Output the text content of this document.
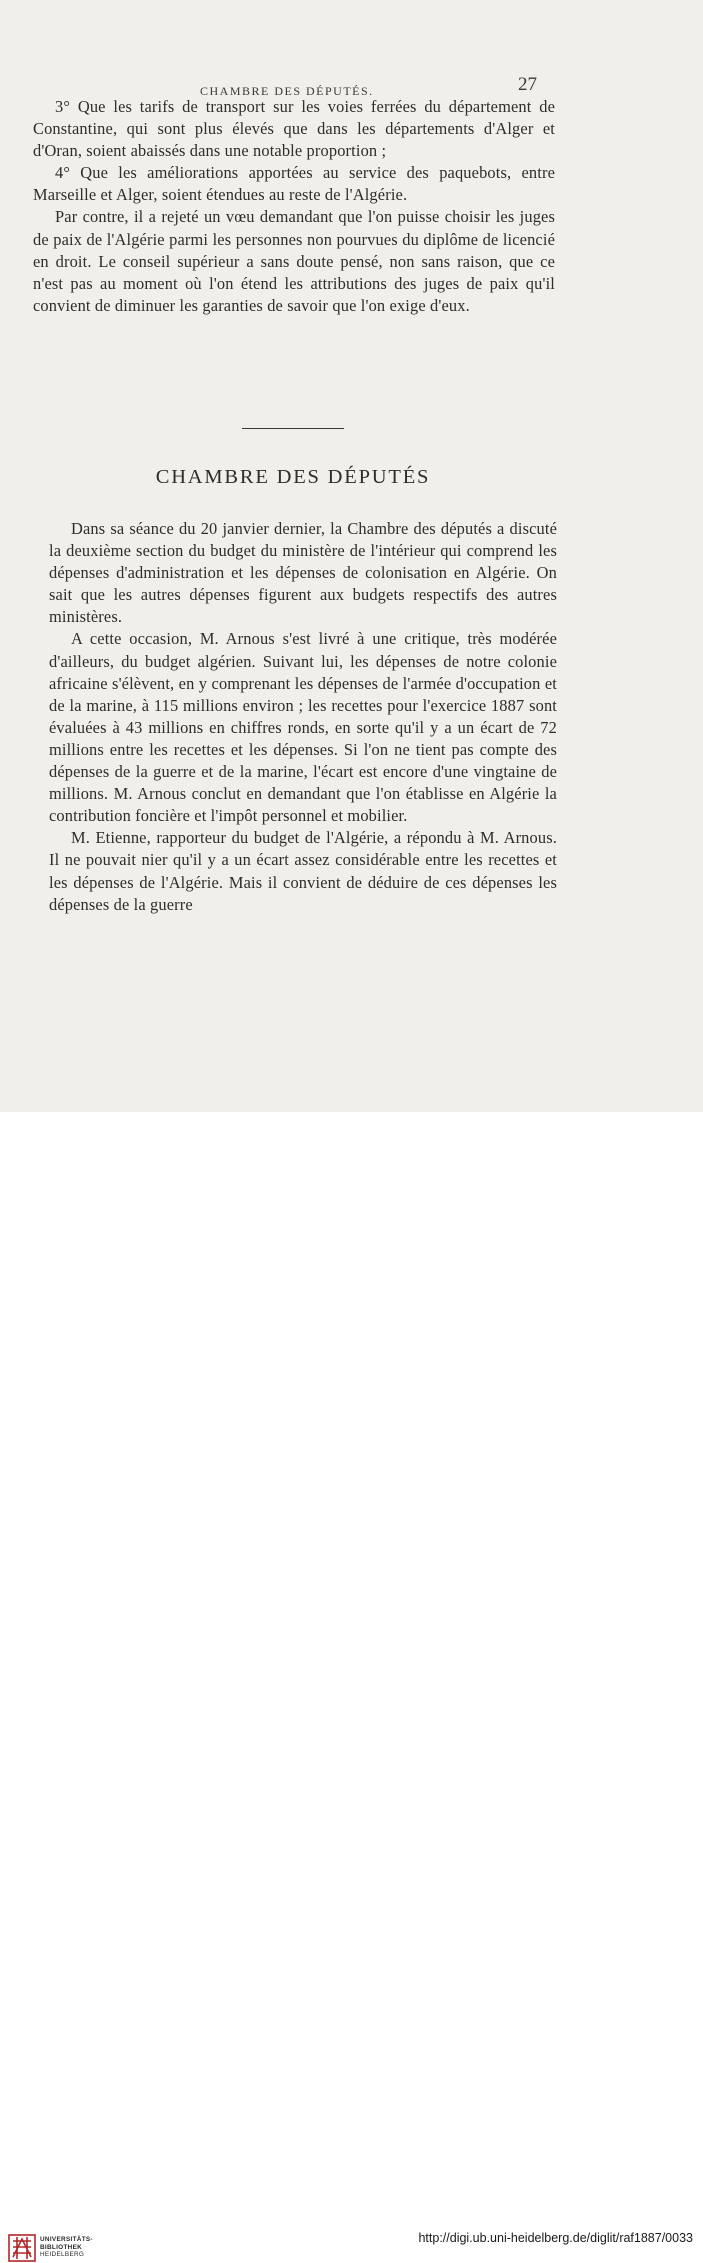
CHAMBRE DES DÉPUTÉS.	27

3° Que les tarifs de transport sur les voies ferrées du département de Constantine, qui sont plus élevés que dans les départements d'Alger et d'Oran, soient abaissés dans une notable proportion ;

4° Que les améliorations apportées au service des paquebots, entre Marseille et Alger, soient étendues au reste de l'Algérie.

Par contre, il a rejeté un vœu demandant que l'on puisse choisir les juges de paix de l'Algérie parmi les personnes non pourvues du diplôme de licencié en droit. Le conseil supérieur a sans doute pensé, non sans raison, que ce n'est pas au moment où l'on étend les attributions des juges de paix qu'il convient de diminuer les garanties de savoir que l'on exige d'eux.

CHAMBRE DES DÉPUTÉS

Dans sa séance du 20 janvier dernier, la Chambre des députés a discuté la deuxième section du budget du ministère de l'intérieur qui comprend les dépenses d'administration et les dépenses de colonisation en Algérie. On sait que les autres dépenses figurent aux budgets respectifs des autres ministères.

A cette occasion, M. Arnous s'est livré à une critique, très modérée d'ailleurs, du budget algérien. Suivant lui, les dépenses de notre colonie africaine s'élèvent, en y comprenant les dépenses de l'armée d'occupation et de la marine, à 115 millions environ ; les recettes pour l'exercice 1887 sont évaluées à 43 millions en chiffres ronds, en sorte qu'il y a un écart de 72 millions entre les recettes et les dépenses. Si l'on ne tient pas compte des dépenses de la guerre et de la marine, l'écart est encore d'une vingtaine de millions. M. Arnous conclut en demandant que l'on établisse en Algérie la contribution foncière et l'impôt personnel et mobilier.

M. Etienne, rapporteur du budget de l'Algérie, a répondu à M. Arnous. Il ne pouvait nier qu'il y a un écart assez considérable entre les recettes et les dépenses de l'Algérie. Mais il convient de déduire de ces dépenses les dépenses de la guerre

UNIVERSITÄTS-
BIBLIOTHEK
HEIDELBERG
http://digi.ub.uni-heidelberg.de/diglit/raf1887/0033
